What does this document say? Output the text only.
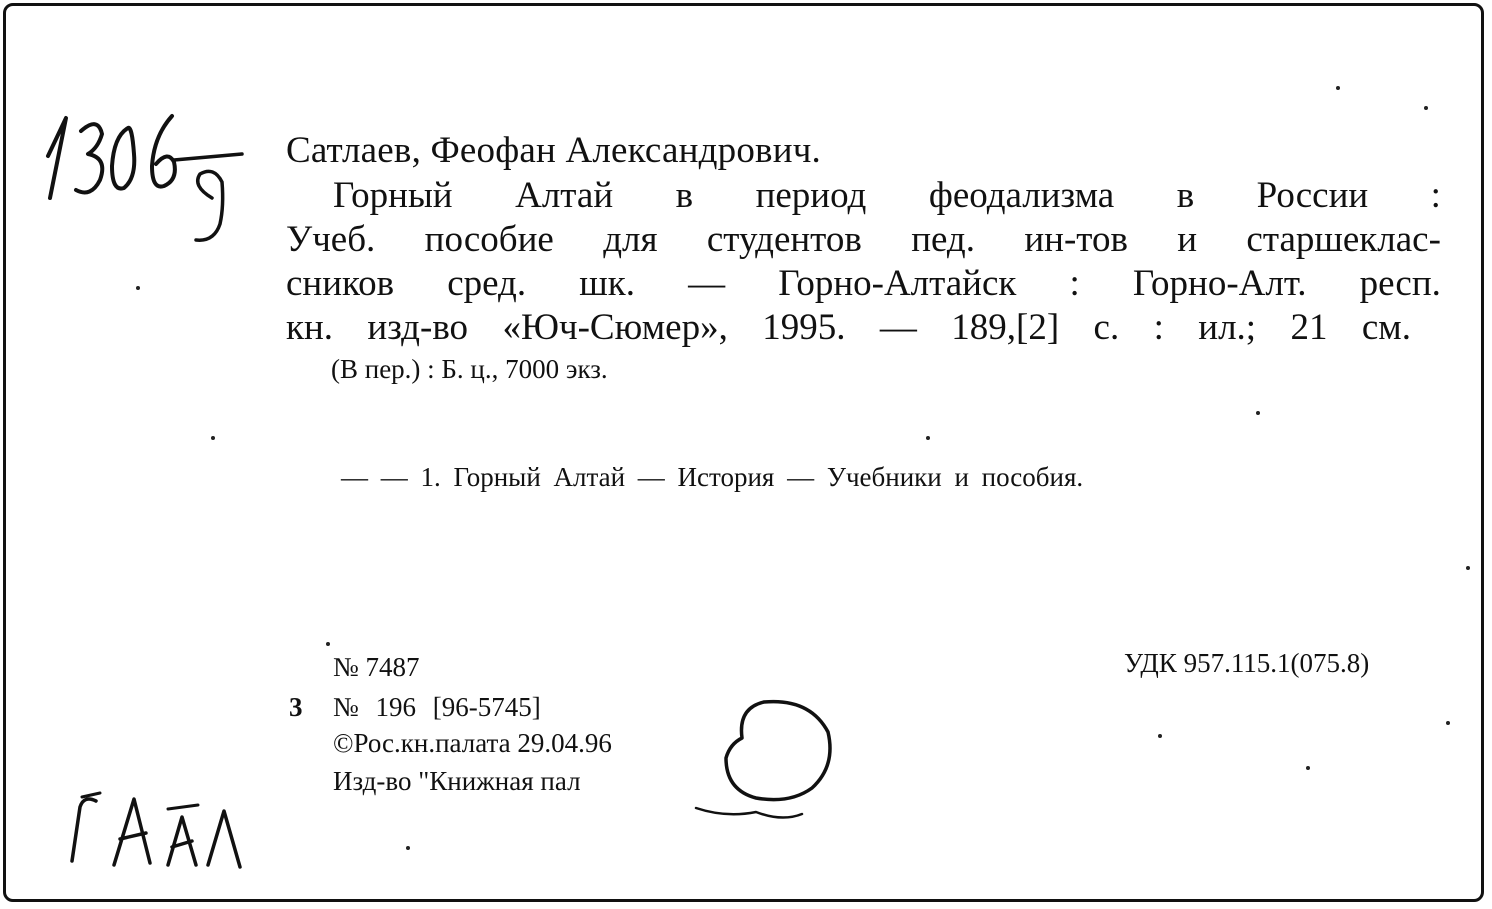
Сатлаев, Феофан Александрович.
Горный Алтай в период феодализма в России :
Учеб. пособие для студентов пед. ин-тов и старшеклас-
сников сред. шк. — Горно-Алтайск : Горно-Алт. респ.
кн. изд-во «Юч-Сюмер», 1995. — 189,[2] с. : ил.; 21 см.
(В пер.) : Б. ц., 7000 экз.
— — 1. Горный Алтай — История — Учебники и пособия.
№ 7487	УДК 957.115.1(075.8)
3 № 196 [96-5745]
©Рос.кн.палата 29.04.96
Изд-во "Книжная пал
